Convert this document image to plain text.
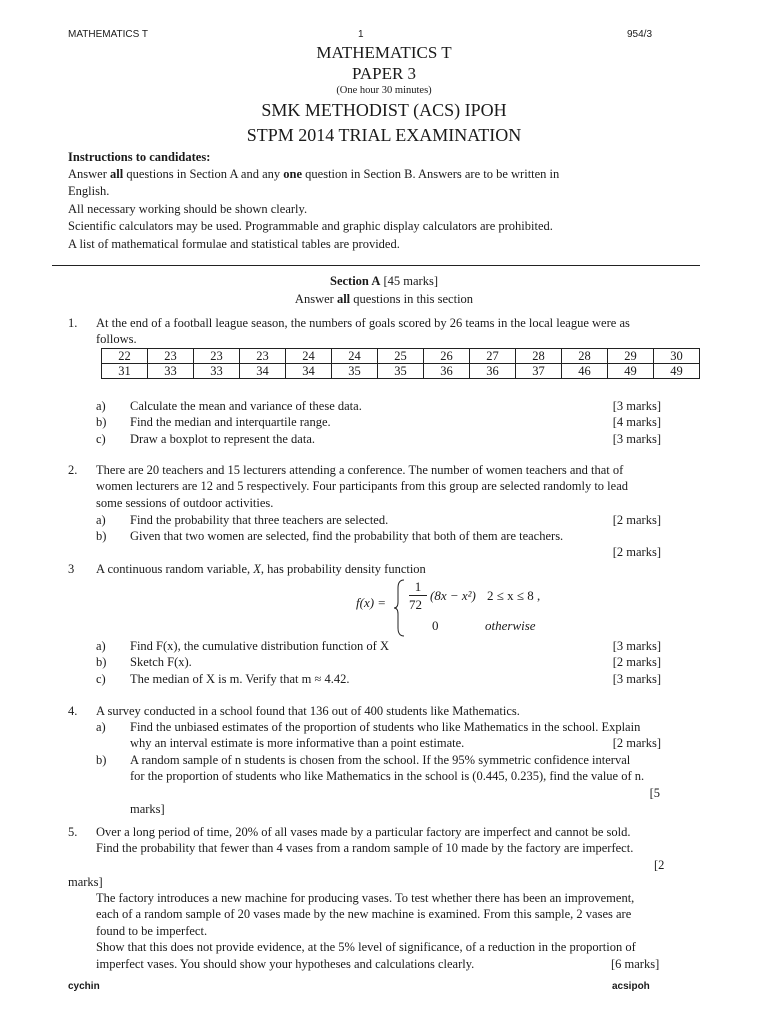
MATHEMATICS T	1	954/3
MATHEMATICS T
PAPER 3
(One hour 30 minutes)
SMK METHODIST (ACS) IPOH
STPM 2014 TRIAL EXAMINATION
Instructions to candidates:
Answer all questions in Section A and any one question in Section B. Answers are to be written in
English.
All necessary working should be shown clearly.
Scientific calculators may be used. Programmable and graphic display calculators are prohibited.
A list of mathematical formulae and statistical tables are provided.
Section A [45 marks]
Answer all questions in this section
1. At the end of a football league season, the numbers of goals scored by 26 teams in the local league were as
follows.
22	23	23	23	24	24	25	26	27	28	28	29	30
31	33	33	34	34	35	35	36	36	37	46	49	49
a) Calculate the mean and variance of these data.	[3 marks]
b) Find the median and interquartile range.	[4 marks]
c) Draw a boxplot to represent the data.	[3 marks]
2. There are 20 teachers and 15 lecturers attending a conference. The number of women teachers and that of
women lecturers are 12 and 5 respectively. Four participants from this group are selected randomly to lead
some sessions of outdoor activities.
a) Find the probability that three teachers are selected.	[2 marks]
b) Given that two women are selected, find the probability that both of them are teachers.
[2 marks]
3 A continuous random variable, X, has probability density function
f(x) =
1
72
(8x − x²) 2 ≤ x ≤ 8 ,
0	otherwise
a) Find F(x), the cumulative distribution function of X	[3 marks]
b) Sketch F(x).	[2 marks]
c) The median of X is m. Verify that m ≈ 4.42.	[3 marks]
4. A survey conducted in a school found that 136 out of 400 students like Mathematics.
a) Find the unbiased estimates of the proportion of students who like Mathematics in the school. Explain
why an interval estimate is more informative than a point estimate.	[2 marks]
b) A random sample of n students is chosen from the school. If the 95% symmetric confidence interval
for the proportion of students who like Mathematics in the school is (0.445, 0.235), find the value of n.
[5
marks]
5. Over a long period of time, 20% of all vases made by a particular factory are imperfect and cannot be sold.
Find the probability that fewer than 4 vases from a random sample of 10 made by the factory are imperfect.
[2
marks]
The factory introduces a new machine for producing vases. To test whether there has been an improvement,
each of a random sample of 20 vases made by the new machine is examined. From this sample, 2 vases are
found to be imperfect.
Show that this does not provide evidence, at the 5% level of significance, of a reduction in the proportion of
imperfect vases. You should show your hypotheses and calculations clearly.	[6 marks]
cychin	acsipoh
